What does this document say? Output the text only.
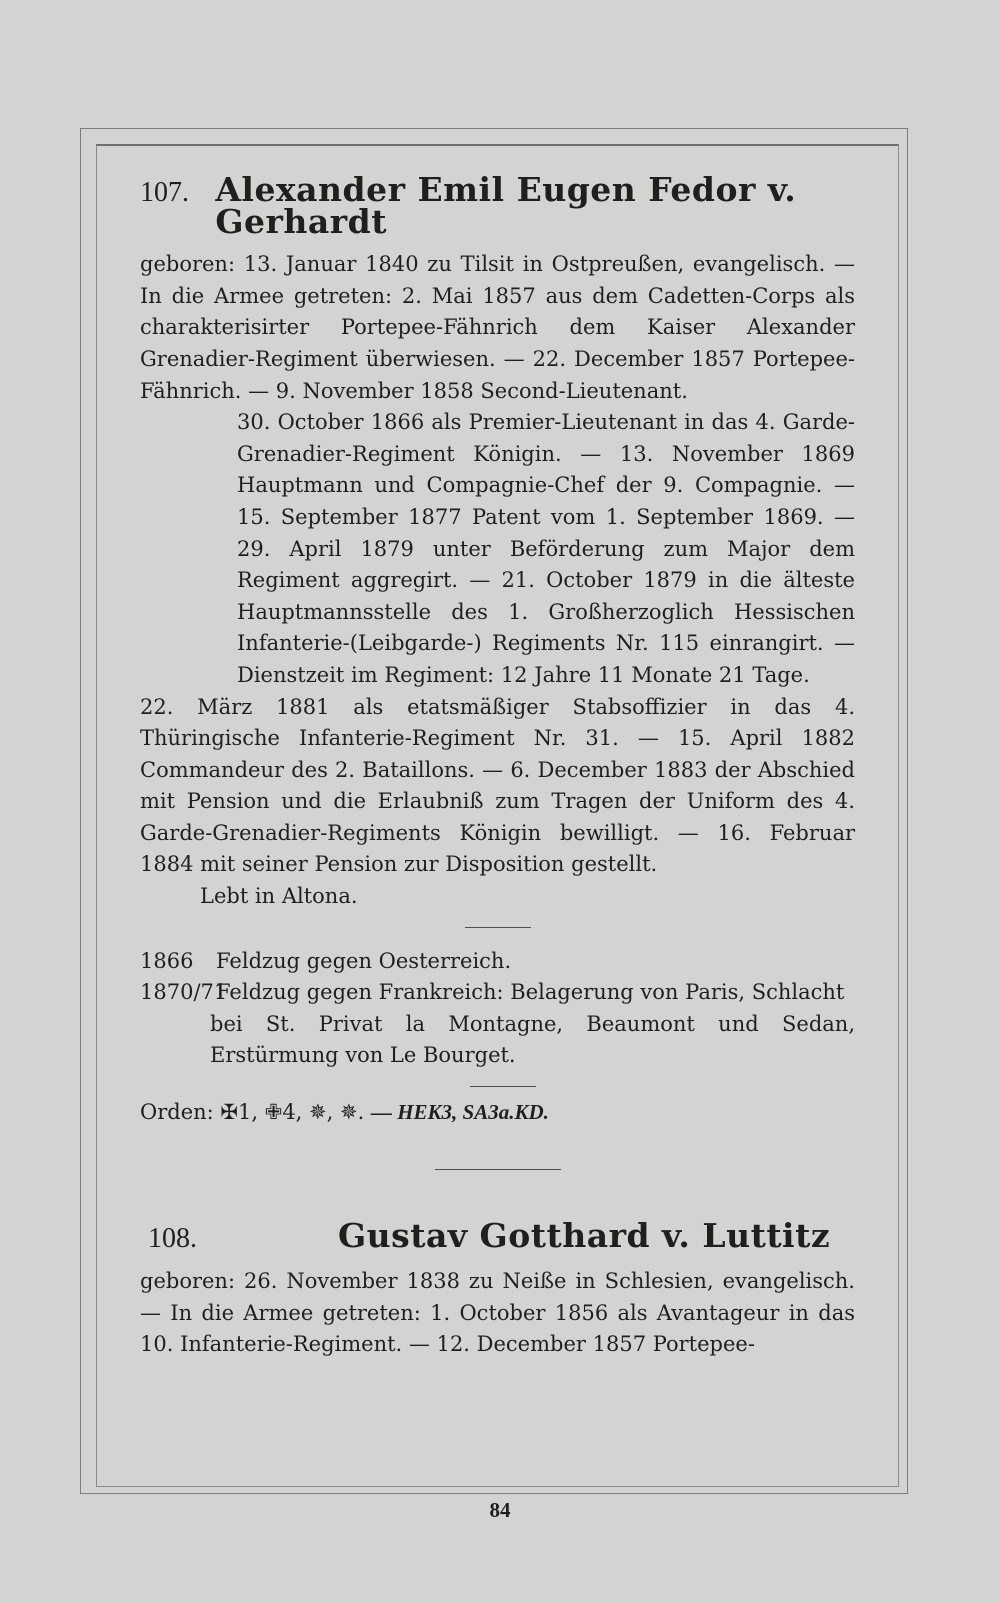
107. Alexander Emil Eugen Fedor v. Gerhardt

geboren: 13. Januar 1840 zu Tilsit in Ostpreußen, evangelisch. — In die Armee getreten: 2. Mai 1857 aus dem Cadetten-Corps als charakterisirter Portepee-Fähnrich dem Kaiser Alexander Grenadier-Regiment überwiesen. — 22. December 1857 Portepee-Fähnrich. — 9. November 1858 Second-Lieutenant.

30. October 1866 als Premier-Lieutenant in das 4. Garde-Grenadier-Regiment Königin. — 13. November 1869 Hauptmann und Compagnie-Chef der 9. Compagnie. — 15. September 1877 Patent vom 1. September 1869. — 29. April 1879 unter Beförderung zum Major dem Regiment aggregirt. — 21. October 1879 in die älteste Hauptmannsstelle des 1. Großherzoglich Hessischen Infanterie-(Leibgarde-) Regiments Nr. 115 einrangirt. — Dienstzeit im Regiment: 12 Jahre 11 Monate 21 Tage.

22. März 1881 als etatsmäßiger Stabsoffizier in das 4. Thüringische Infanterie-Regiment Nr. 31. — 15. April 1882 Commandeur des 2. Bataillons. — 6. December 1883 der Abschied mit Pension und die Erlaubniß zum Tragen der Uniform des 4. Garde-Grenadier-Regiments Königin bewilligt. — 16. Februar 1884 mit seiner Pension zur Disposition gestellt.

Lebt in Altona.

1866	Feldzug gegen Oesterreich.
1870/71
Feldzug gegen Frankreich: Belagerung von Paris, Schlacht

bei St. Privat la Montagne, Beaumont und Sedan, Erstürmung von Le Bourget.

Orden: ✠1, ✙4, ✵, ✵. — HEK3, SA3a.KD.

108.	Gustav Gotthard v. Luttitz

geboren: 26. November 1838 zu Neiße in Schlesien, evangelisch. — In die Armee getreten: 1. October 1856 als Avantageur in das 10. Infanterie-Regiment. — 12. December 1857 Portepee-

84
